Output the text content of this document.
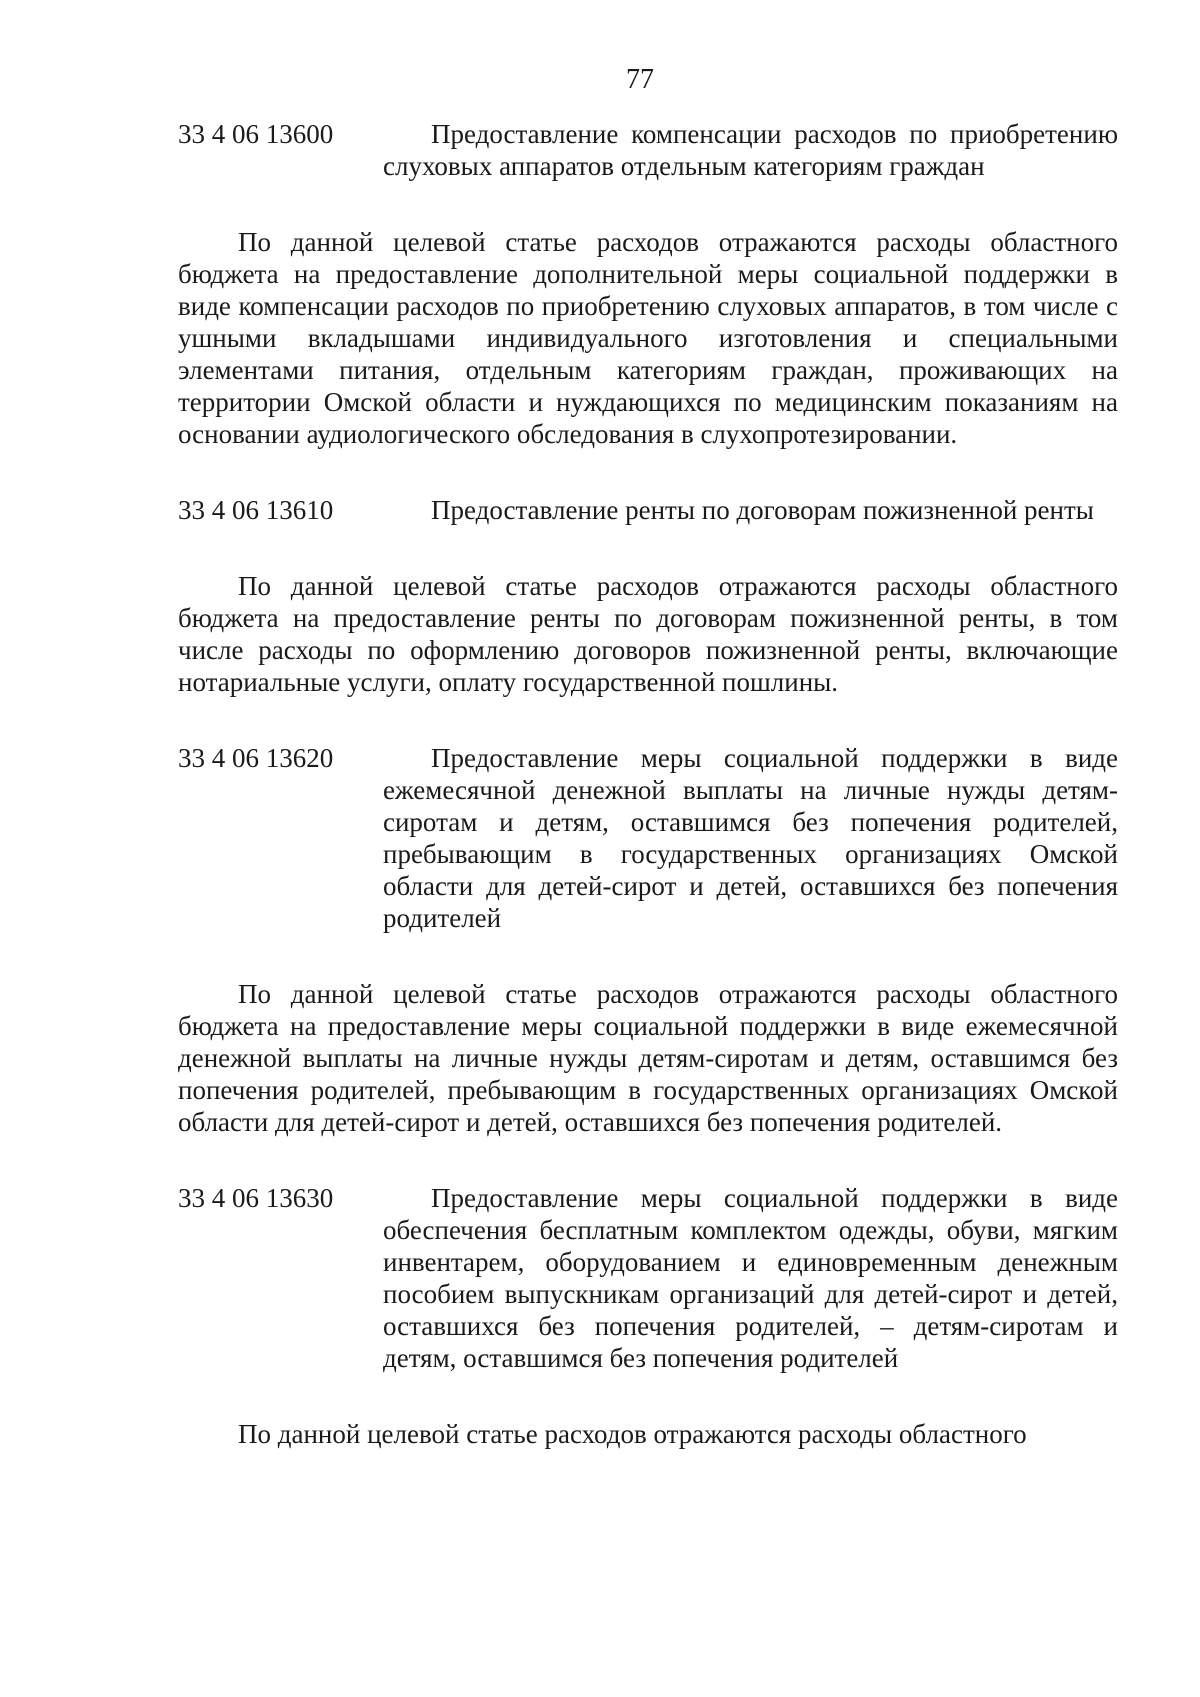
77
33 4 06 13600	Предоставление компенсации расходов по приобретению слуховых аппаратов отдельным категориям граждан

По данной целевой статье расходов отражаются расходы областного бюджета на предоставление дополнительной меры социальной поддержки в виде компенсации расходов по приобретению слуховых аппаратов, в том числе с ушными вкладышами индивидуального изготовления и специальными элементами питания, отдельным категориям граждан, проживающих на территории Омской области и нуждающихся по медицинским показаниям на основании аудиологического обследования в слухопротезировании.

33 4 06 13610	Предоставление ренты по договорам пожизненной ренты

По данной целевой статье расходов отражаются расходы областного бюджета на предоставление ренты по договорам пожизненной ренты, в том числе расходы по оформлению договоров пожизненной ренты, включающие нотариальные услуги, оплату государственной пошлины.

33 4 06 13620	Предоставление меры социальной поддержки в виде ежемесячной денежной выплаты на личные нужды детям-сиротам и детям, оставшимся без попечения родителей, пребывающим в государственных организациях Омской области для детей-сирот и детей, оставшихся без попечения родителей

По данной целевой статье расходов отражаются расходы областного бюджета на предоставление меры социальной поддержки в виде ежемесячной денежной выплаты на личные нужды детям-сиротам и детям, оставшимся без попечения родителей, пребывающим в государственных организациях Омской области для детей-сирот и детей, оставшихся без попечения родителей.

33 4 06 13630	Предоставление меры социальной поддержки в виде обеспечения бесплатным комплектом одежды, обуви, мягким инвентарем, оборудованием и единовременным денежным пособием выпускникам организаций для детей-сирот и детей, оставшихся без попечения родителей, – детям-сиротам и детям, оставшимся без попечения родителей

По данной целевой статье расходов отражаются расходы областного
